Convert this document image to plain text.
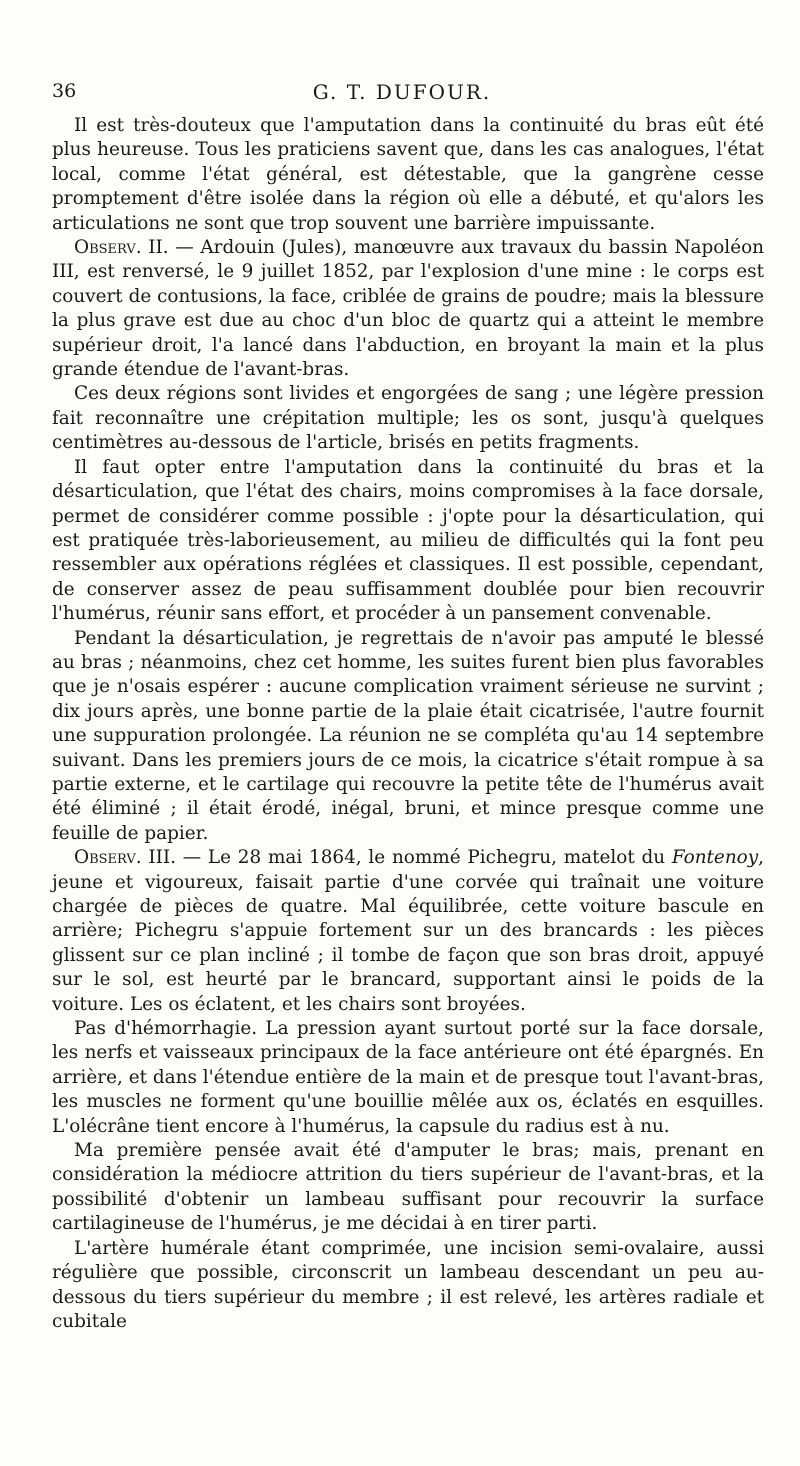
36	G. T. DUFOUR.

Il est très-douteux que l'amputation dans la continuité du bras eût été plus heureuse. Tous les praticiens savent que, dans les cas analogues, l'état local, comme l'état général, est détestable, que la gangrène cesse promptement d'être isolée dans la région où elle a débuté, et qu'alors les articulations ne sont que trop souvent une barrière impuissante.

Observ. II. — Ardouin (Jules), manœuvre aux travaux du bassin Napoléon III, est renversé, le 9 juillet 1852, par l'explosion d'une mine : le corps est couvert de contusions, la face, criblée de grains de poudre; mais la blessure la plus grave est due au choc d'un bloc de quartz qui a atteint le membre supérieur droit, l'a lancé dans l'abduction, en broyant la main et la plus grande étendue de l'avant-bras.

Ces deux régions sont livides et engorgées de sang ; une légère pression fait reconnaître une crépitation multiple; les os sont, jusqu'à quelques centimètres au-dessous de l'article, brisés en petits fragments.

Il faut opter entre l'amputation dans la continuité du bras et la désarticulation, que l'état des chairs, moins compromises à la face dorsale, permet de considérer comme possible : j'opte pour la désarticulation, qui est pratiquée très-laborieusement, au milieu de difficultés qui la font peu ressembler aux opérations réglées et classiques. Il est possible, cependant, de conserver assez de peau suffisamment doublée pour bien recouvrir l'humérus, réunir sans effort, et procéder à un pansement convenable.

Pendant la désarticulation, je regrettais de n'avoir pas amputé le blessé au bras ; néanmoins, chez cet homme, les suites furent bien plus favorables que je n'osais espérer : aucune complication vraiment sérieuse ne survint ; dix jours après, une bonne partie de la plaie était cicatrisée, l'autre fournit une suppuration prolongée. La réunion ne se compléta qu'au 14 septembre suivant. Dans les premiers jours de ce mois, la cicatrice s'était rompue à sa partie externe, et le cartilage qui recouvre la petite tête de l'humérus avait été éliminé ; il était érodé, inégal, bruni, et mince presque comme une feuille de papier.

Observ. III. — Le 28 mai 1864, le nommé Pichegru, matelot du Fontenoy, jeune et vigoureux, faisait partie d'une corvée qui traînait une voiture chargée de pièces de quatre. Mal équilibrée, cette voiture bascule en arrière; Pichegru s'appuie fortement sur un des brancards : les pièces glissent sur ce plan incliné ; il tombe de façon que son bras droit, appuyé sur le sol, est heurté par le brancard, supportant ainsi le poids de la voiture. Les os éclatent, et les chairs sont broyées.

Pas d'hémorrhagie. La pression ayant surtout porté sur la face dorsale, les nerfs et vaisseaux principaux de la face antérieure ont été épargnés. En arrière, et dans l'étendue entière de la main et de presque tout l'avant-bras, les muscles ne forment qu'une bouillie mêlée aux os, éclatés en esquilles. L'olécrâne tient encore à l'humérus, la capsule du radius est à nu.

Ma première pensée avait été d'amputer le bras; mais, prenant en considération la médiocre attrition du tiers supérieur de l'avant-bras, et la possibilité d'obtenir un lambeau suffisant pour recouvrir la surface cartilagineuse de l'humérus, je me décidai à en tirer parti.

L'artère humérale étant comprimée, une incision semi-ovalaire, aussi régulière que possible, circonscrit un lambeau descendant un peu au-dessous du tiers supérieur du membre ; il est relevé, les artères radiale et cubitale
